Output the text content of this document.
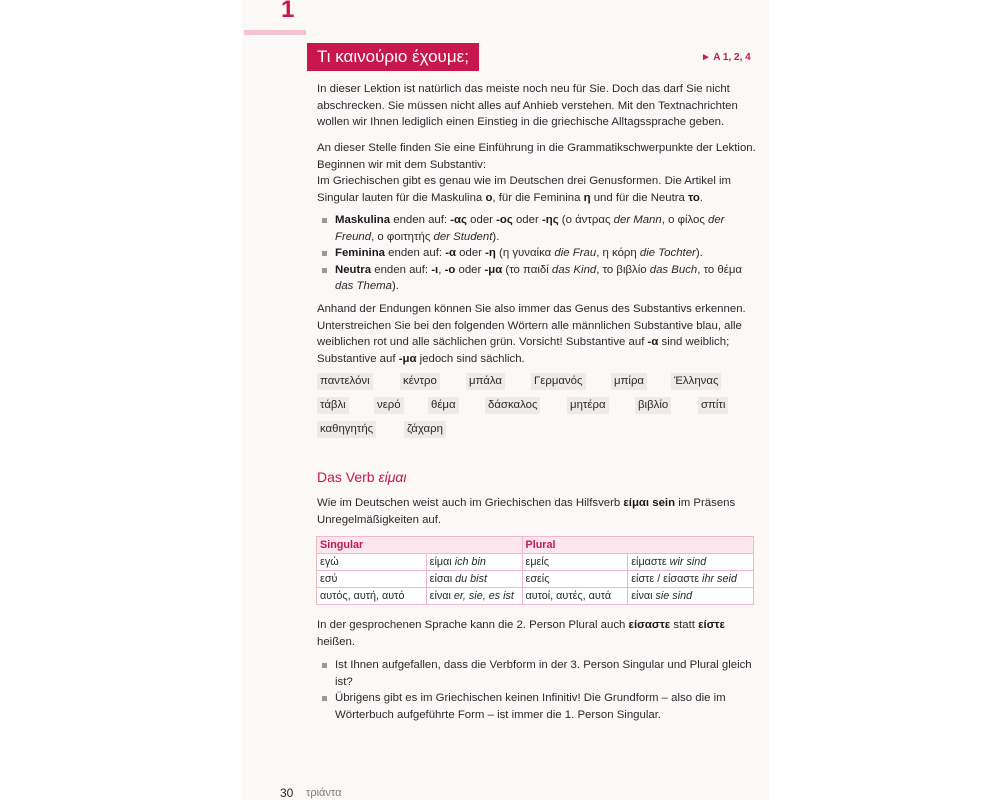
1
Τι καινούριο έχουμε;	► A 1, 2, 4

In dieser Lektion ist natürlich das meiste noch neu für Sie. Doch das darf Sie nicht abschrecken. Sie müssen nicht alles auf Anhieb verstehen. Mit den Textnachrichten wollen wir Ihnen lediglich einen Einstieg in die griechische Alltagssprache geben.

An dieser Stelle finden Sie eine Einführung in die Grammatikschwerpunkte der Lektion. Beginnen wir mit dem Substantiv:

Im Griechischen gibt es genau wie im Deutschen drei Genusformen. Die Artikel im Singular lauten für die Maskulina ο, für die Feminina η und für die Neutra το.

Maskulina enden auf: -ας oder -ος oder -ης (ο άντρας der Mann, ο φίλος der Freund, ο φοιτητής der Student).
Feminina enden auf: -α oder -η (η γυναίκα die Frau, η κόρη die Tochter).
Neutra enden auf: -ι, -ο oder -μα (το παιδί das Kind, το βιβλίο das Buch, το θέμα das Thema).

Anhand der Endungen können Sie also immer das Genus des Substantivs erkennen. Unterstreichen Sie bei den folgenden Wörtern alle männlichen Substantive blau, alle weiblichen rot und alle sächlichen grün. Vorsicht! Substantive auf -α sind weiblich; Substantive auf -μα jedoch sind sächlich.

παντελόνι	κέντρο	μπάλα	Γερμανός	μπίρα	Έλληνας
τάβλι	νερό	θέμα	δάσκαλος	μητέρα	βιβλίο	σπίτι
καθηγητής	ζάχαρη
Das Verb είμαι

Wie im Deutschen weist auch im Griechischen das Hilfsverb είμαι sein im Präsens Unregelmäßigkeiten auf.

Singular		Plural	
εγώ	είμαι ich bin	εμείς	είμαστε wir sind
εσύ	είσαι du bist	εσείς	είστε / είσαστε ihr seid
αυτός, αυτή, αυτό	είναι er, sie, es ist	αυτοί, αυτές, αυτά	είναι sie sind

In der gesprochenen Sprache kann die 2. Person Plural auch είσαστε statt είστε heißen.

Ist Ihnen aufgefallen, dass die Verbform in der 3. Person Singular und Plural gleich ist?
Übrigens gibt es im Griechischen keinen Infinitiv! Die Grundform – also die im Wörterbuch aufgeführte Form – ist immer die 1. Person Singular.
30 τριάντα
